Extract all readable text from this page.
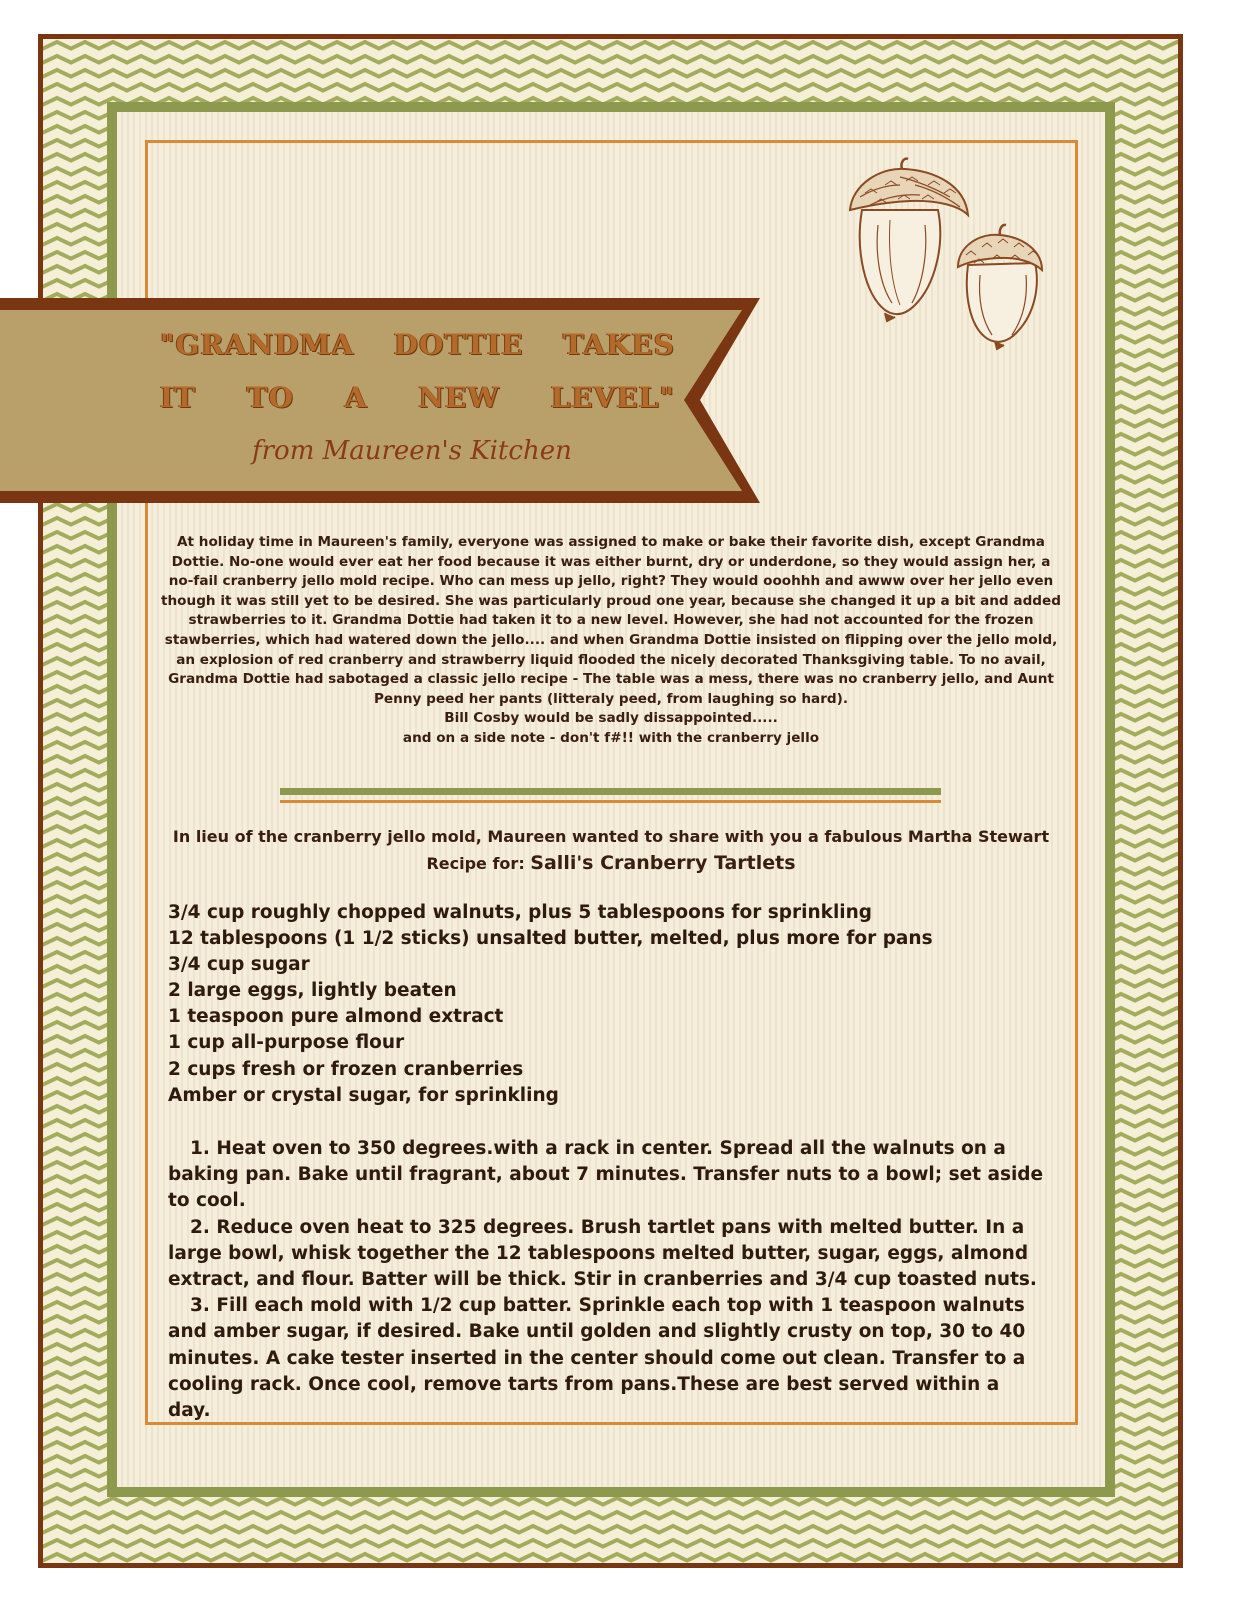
"GRANDMA DOTTIE TAKES
IT TO A NEW LEVEL"
from Maureen's Kitchen

At holiday time in Maureen's family, everyone was assigned to make or bake their favorite dish, except Grandma Dottie. No-one would ever eat her food because it was either burnt, dry or underdone, so they would assign her, a no-fail cranberry jello mold recipe. Who can mess up jello, right? They would ooohhh and awww over her jello even though it was still yet to be desired. She was particularly proud one year, because she changed it up a bit and added strawberries to it. Grandma Dottie had taken it to a new level. However, she had not accounted for the frozen stawberries, which had watered down the jello.... and when Grandma Dottie insisted on flipping over the jello mold, an explosion of red cranberry and strawberry liquid flooded the nicely decorated Thanksgiving table. To no avail, Grandma Dottie had sabotaged a classic jello recipe - The table was a mess, there was no cranberry jello, and Aunt Penny peed her pants (litteraly peed, from laughing so hard).

Bill Cosby would be sadly dissappointed.....

and on a side note - don't f#!! with the cranberry jello

In lieu of the cranberry jello mold, Maureen wanted to share with you a fabulous Martha Stewart Recipe for: Salli's Cranberry Tartlets
3/4 cup roughly chopped walnuts, plus 5 tablespoons for sprinkling
12 tablespoons (1 1/2 sticks) unsalted butter, melted, plus more for pans
3/4 cup sugar
2 large eggs, lightly beaten
1 teaspoon pure almond extract
1 cup all-purpose flour
2 cups fresh or frozen cranberries
Amber or crystal sugar, for sprinkling
1. Heat oven to 350 degrees.with a rack in center. Spread all the walnuts on a baking pan. Bake until fragrant, about 7 minutes. Transfer nuts to a bowl; set aside to cool.
2. Reduce oven heat to 325 degrees. Brush tartlet pans with melted butter. In a large bowl, whisk together the 12 tablespoons melted butter, sugar, eggs, almond extract, and flour. Batter will be thick. Stir in cranberries and 3/4 cup toasted nuts.
3. Fill each mold with 1/2 cup batter. Sprinkle each top with 1 teaspoon walnuts and amber sugar, if desired. Bake until golden and slightly crusty on top, 30 to 40 minutes. A cake tester inserted in the center should come out clean. Transfer to a cooling rack. Once cool, remove tarts from pans.These are best served within a day.
